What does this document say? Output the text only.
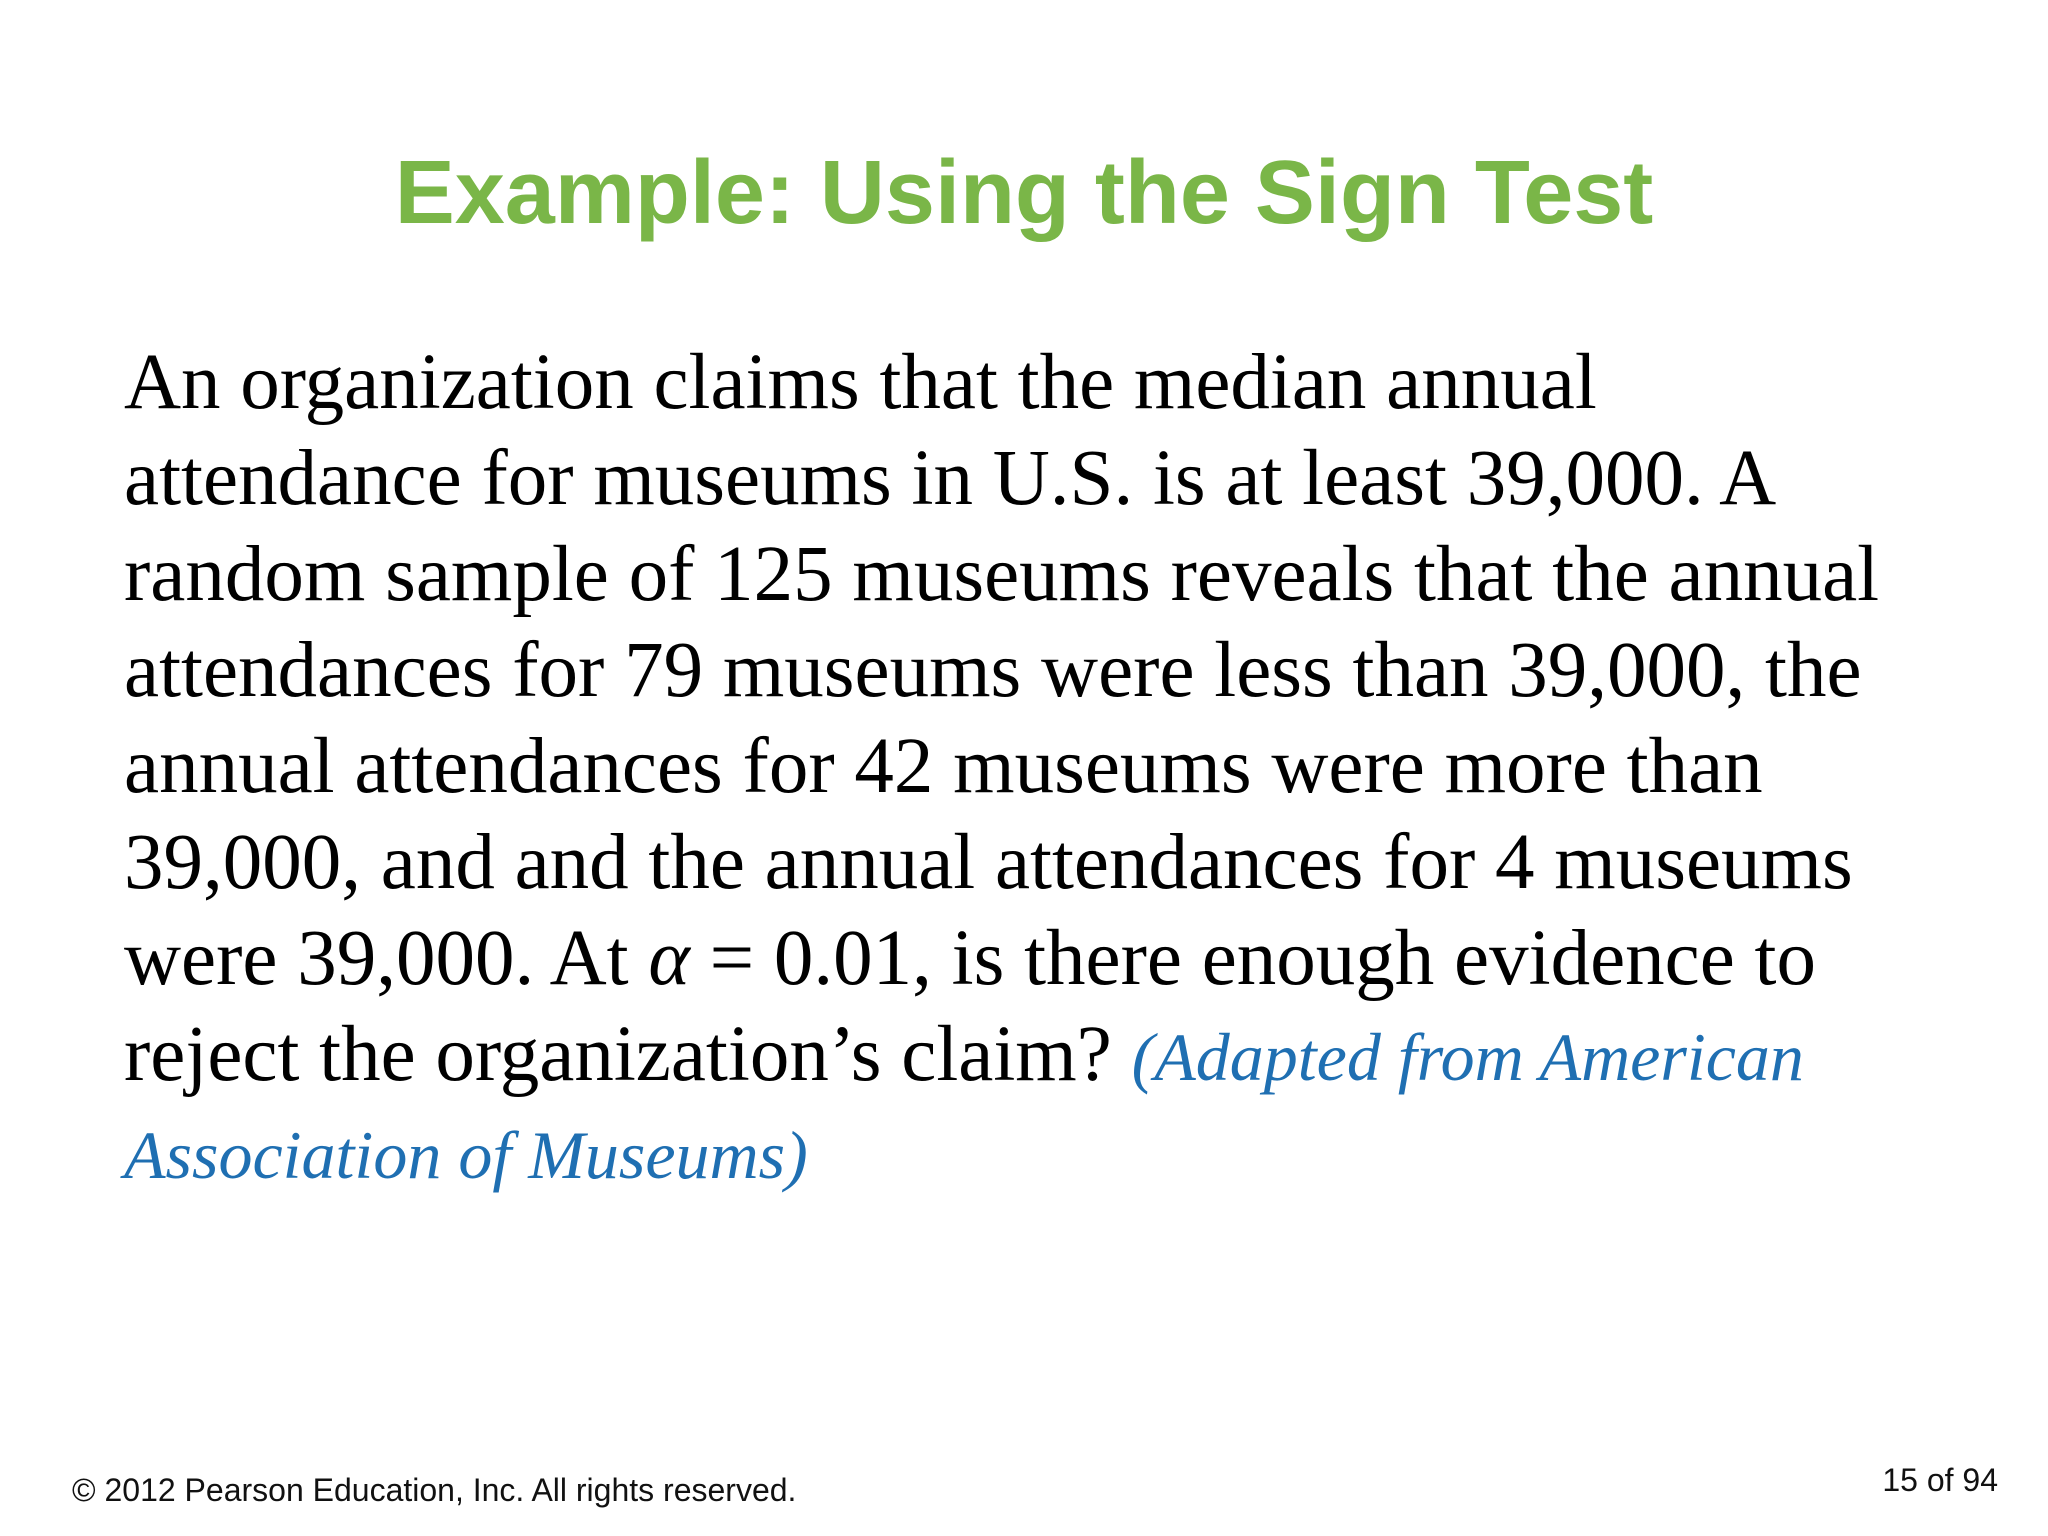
Example: Using the Sign Test

An organization claims that the median annual attendance for museums in U.S. is at least 39,000. A random sample of 125 museums reveals that the annual attendances for 79 museums were less than 39,000, the annual attendances for 42 museums were more than 39,000, and and the annual attendances for 4 museums were 39,000. At α = 0.01, is there enough evidence to reject the organization’s claim? (Adapted from American Association of Museums)

© 2012 Pearson Education, Inc. All rights reserved.	15 of 94
